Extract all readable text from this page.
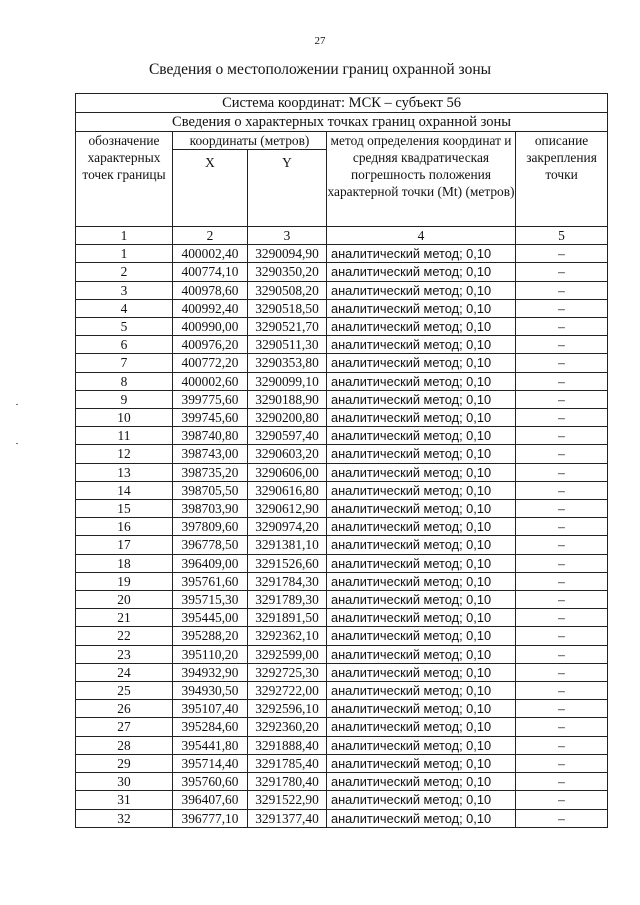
27
Сведения о местоположении границ охранной зоны
Система координат: МСК – субъект 56				
Сведения о характерных точках границ охранной зоны				
обозначение характерных точек границы	координаты (метров)		метод определения координат и средняя квадратическая погрешность положения характерной точки (Mt) (метров)	описание закрепления точки
	X	Y		
1	2	3	4	5
1	400002,40	3290094,90	аналитический метод; 0,10	–
2	400774,10	3290350,20	аналитический метод; 0,10	–
3	400978,60	3290508,20	аналитический метод; 0,10	–
4	400992,40	3290518,50	аналитический метод; 0,10	–
5	400990,00	3290521,70	аналитический метод; 0,10	–
6	400976,20	3290511,30	аналитический метод; 0,10	–
7	400772,20	3290353,80	аналитический метод; 0,10	–
8	400002,60	3290099,10	аналитический метод; 0,10	–
9	399775,60	3290188,90	аналитический метод; 0,10	–
10	399745,60	3290200,80	аналитический метод; 0,10	–
11	398740,80	3290597,40	аналитический метод; 0,10	–
12	398743,00	3290603,20	аналитический метод; 0,10	–
13	398735,20	3290606,00	аналитический метод; 0,10	–
14	398705,50	3290616,80	аналитический метод; 0,10	–
15	398703,90	3290612,90	аналитический метод; 0,10	–
16	397809,60	3290974,20	аналитический метод; 0,10	–
17	396778,50	3291381,10	аналитический метод; 0,10	–
18	396409,00	3291526,60	аналитический метод; 0,10	–
19	395761,60	3291784,30	аналитический метод; 0,10	–
20	395715,30	3291789,30	аналитический метод; 0,10	–
21	395445,00	3291891,50	аналитический метод; 0,10	–
22	395288,20	3292362,10	аналитический метод; 0,10	–
23	395110,20	3292599,00	аналитический метод; 0,10	–
24	394932,90	3292725,30	аналитический метод; 0,10	–
25	394930,50	3292722,00	аналитический метод; 0,10	–
26	395107,40	3292596,10	аналитический метод; 0,10	–
27	395284,60	3292360,20	аналитический метод; 0,10	–
28	395441,80	3291888,40	аналитический метод; 0,10	–
29	395714,40	3291785,40	аналитический метод; 0,10	–
30	395760,60	3291780,40	аналитический метод; 0,10	–
31	396407,60	3291522,90	аналитический метод; 0,10	–
32	396777,10	3291377,40	аналитический метод; 0,10	–
